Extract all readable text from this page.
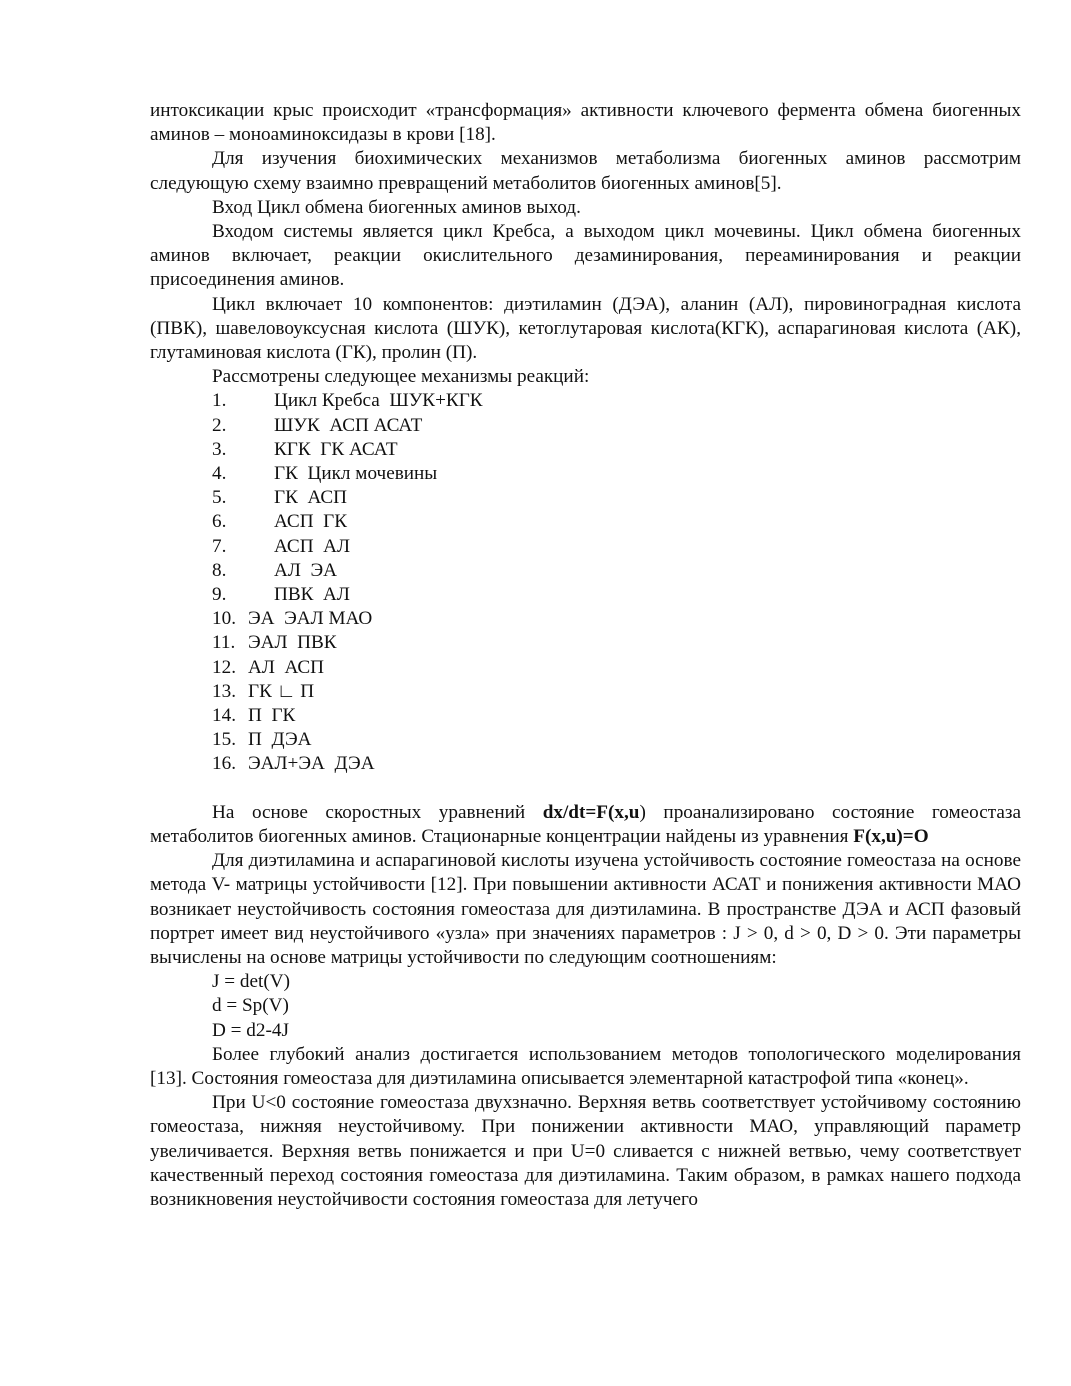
интоксикации крыс происходит «трансформация» активности ключевого фермента обмена биогенных аминов – моноаминоксидазы в крови [18].

Для изучения биохимических механизмов метаболизма биогенных аминов рассмотрим следующую схему взаимно превращений метаболитов биогенных аминов[5].

Вход Цикл обмена биогенных аминов выход.

Входом системы является цикл Кребса, а выходом цикл мочевины. Цикл обмена биогенных аминов включает, реакции окислительного дезаминирования, переаминирования и реакции присоединения аминов.

Цикл включает 10 компонентов: диэтиламин (ДЭА), аланин (АЛ), пировиноградная кислота (ПВК), шавеловоуксусная кислота (ШУК), кетоглутаровая кислота(КГК), аспарагиновая кислота (АК), глутаминовая кислота (ГК), пролин (П).

Рассмотрены следующее механизмы реакций:

1.	Цикл Кребса  ШУК+КГК
2.	ШУК  АСП АСАТ
3.	КГК  ГК АСАТ
4.	ГК  Цикл мочевины
5.	ГК  АСП
6.	АСП  ГК
7.	АСП  АЛ
8.	АЛ  ЭА
9.	ПВК  АЛ
10. ЭА  ЭАЛ МАО
11. ЭАЛ  ПВК
12. АЛ  АСП
13. ГК ∟ П
14. П  ГК
15. П  ДЭА
16. ЭАЛ+ЭА  ДЭА

На основе скоростных уравнений dx/dt=F(x,u) проанализировано состояние гомеостаза метаболитов биогенных аминов. Стационарные концентрации найдены из уравнения F(x,u)=O

Для диэтиламина и аспарагиновой кислоты изучена устойчивость состояние гомеостаза на основе метода V- матрицы устойчивости [12]. При повышении активности АСАТ и понижения активности МАО возникает неустойчивость состояния гомеостаза для диэтиламина. В пространстве ДЭА и АСП фазовый портрет имеет вид неустойчивого «узла» при значениях параметров : J > 0, d > 0, D > 0. Эти параметры вычислены на основе матрицы устойчивости по следующим соотношениям:

J = det(V)
d = Sp(V)
D = d2-4J

Более глубокий анализ достигается использованием методов топологического моделирования [13]. Состояния гомеостаза для диэтиламина описывается элементарной катастрофой типа «конец».

При U<0 состояние гомеостаза двухзначно. Верхняя ветвь соответствует устойчивому состоянию гомеостаза, нижняя неустойчивому. При понижении активности МАО, управляющий параметр увеличивается. Верхняя ветвь понижается и при U=0 сливается с нижней ветвью, чему соответствует качественный переход состояния гомеостаза для диэтиламина. Таким образом, в рамках нашего подхода возникновения неустойчивости состояния гомеостаза для летучего
